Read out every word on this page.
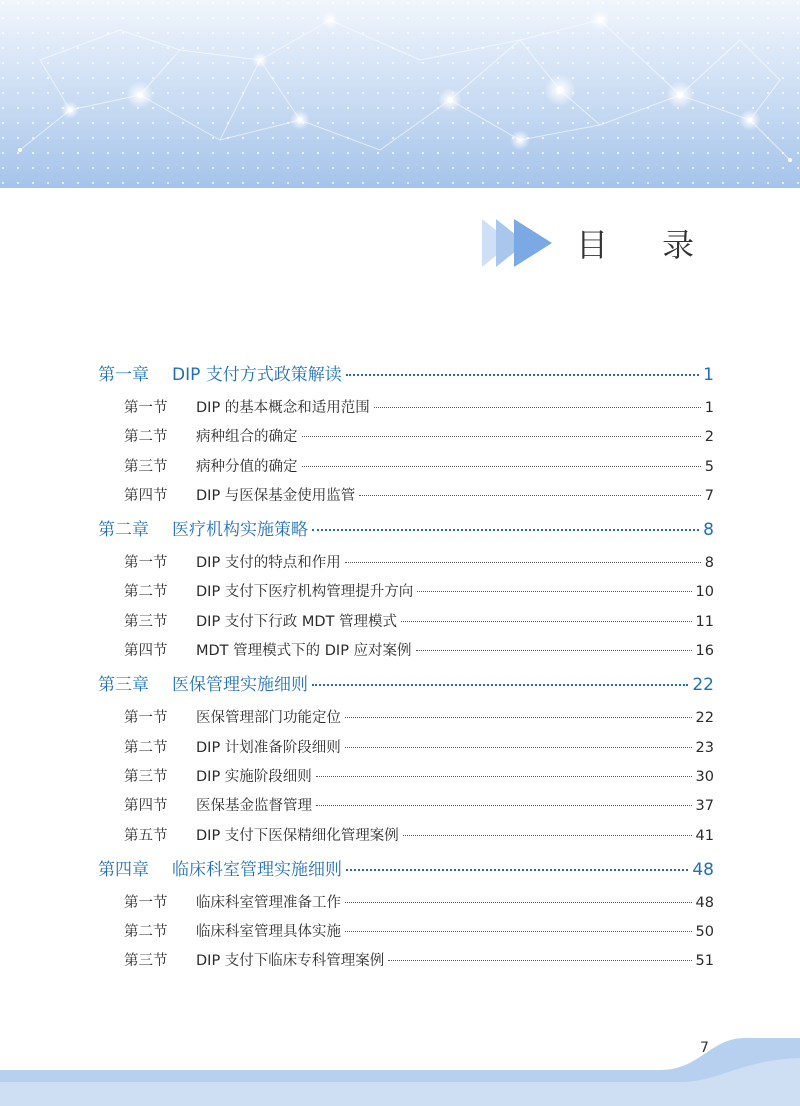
目 录
第一章	DIP 支付方式政策解读	1
第一节	DIP 的基本概念和适用范围	1
第二节	病种组合的确定	2
第三节	病种分值的确定	5
第四节	DIP 与医保基金使用监管	7
第二章	医疗机构实施策略	8
第一节	DIP 支付的特点和作用	8
第二节	DIP 支付下医疗机构管理提升方向	10
第三节	DIP 支付下行政 MDT 管理模式	11
第四节	MDT 管理模式下的 DIP 应对案例	16
第三章	医保管理实施细则	22
第一节	医保管理部门功能定位	22
第二节	DIP 计划准备阶段细则	23
第三节	DIP 实施阶段细则	30
第四节	医保基金监督管理	37
第五节	DIP 支付下医保精细化管理案例	41
第四章	临床科室管理实施细则	48
第一节	临床科室管理准备工作	48
第二节	临床科室管理具体实施	50
第三节	DIP 支付下临床专科管理案例	51
7
